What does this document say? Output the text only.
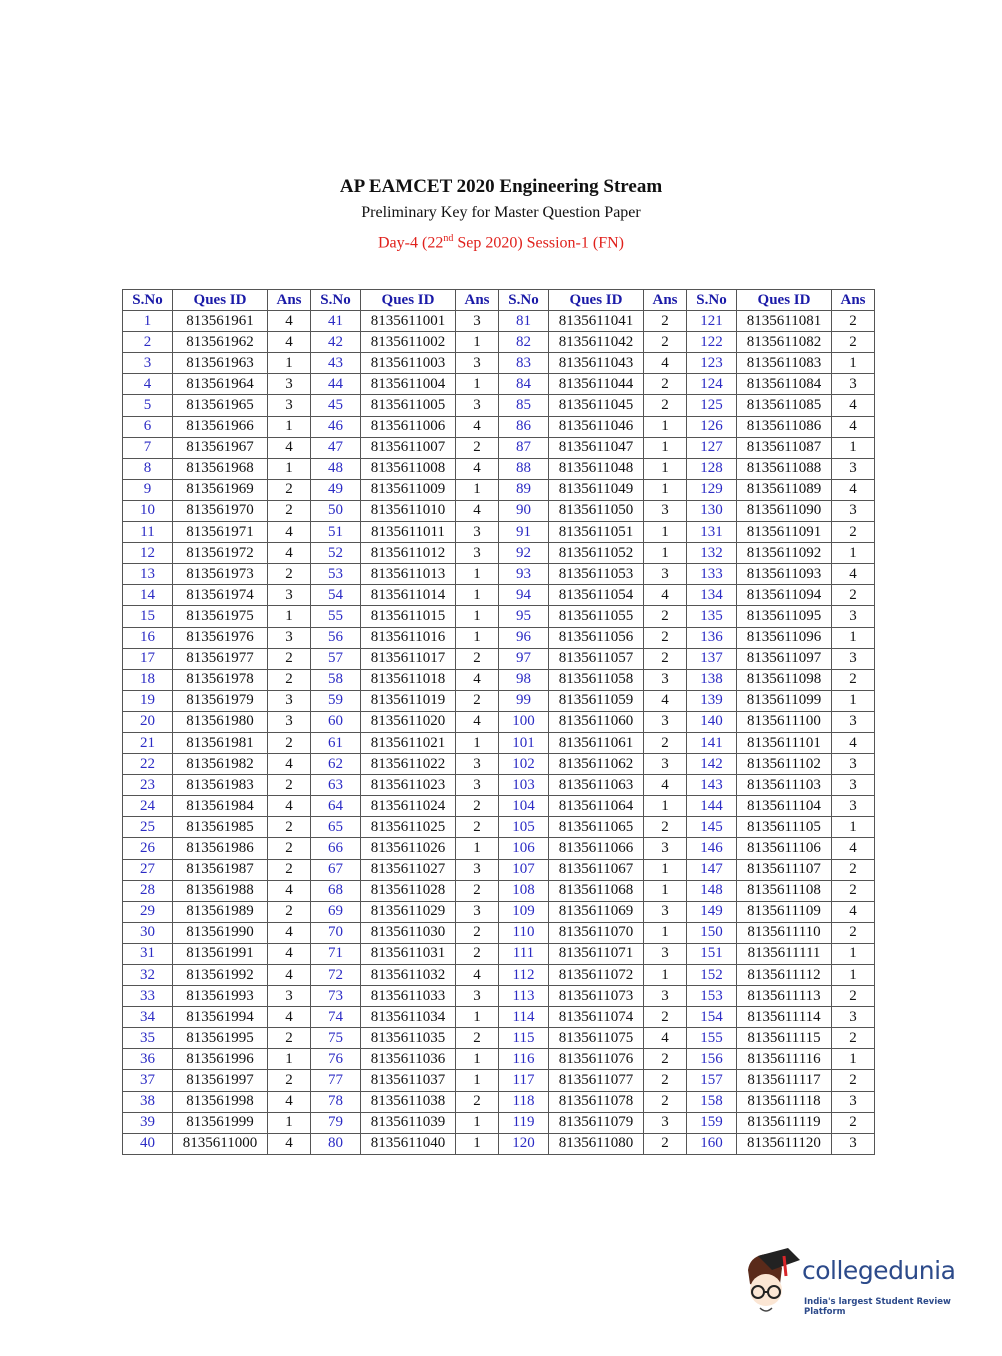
AP EAMCET 2020 Engineering Stream
Preliminary Key for Master Question Paper
Day-4 (22nd Sep 2020) Session-1 (FN)
S.No	Ques ID	Ans	S.No	Ques ID	Ans	S.No	Ques ID	Ans	S.No	Ques ID	Ans
1	813561961	4	41	8135611001	3	81	8135611041	2	121	8135611081	2
2	813561962	4	42	8135611002	1	82	8135611042	2	122	8135611082	2
3	813561963	1	43	8135611003	3	83	8135611043	4	123	8135611083	1
4	813561964	3	44	8135611004	1	84	8135611044	2	124	8135611084	3
5	813561965	3	45	8135611005	3	85	8135611045	2	125	8135611085	4
6	813561966	1	46	8135611006	4	86	8135611046	1	126	8135611086	4
7	813561967	4	47	8135611007	2	87	8135611047	1	127	8135611087	1
8	813561968	1	48	8135611008	4	88	8135611048	1	128	8135611088	3
9	813561969	2	49	8135611009	1	89	8135611049	1	129	8135611089	4
10	813561970	2	50	8135611010	4	90	8135611050	3	130	8135611090	3
11	813561971	4	51	8135611011	3	91	8135611051	1	131	8135611091	2
12	813561972	4	52	8135611012	3	92	8135611052	1	132	8135611092	1
13	813561973	2	53	8135611013	1	93	8135611053	3	133	8135611093	4
14	813561974	3	54	8135611014	1	94	8135611054	4	134	8135611094	2
15	813561975	1	55	8135611015	1	95	8135611055	2	135	8135611095	3
16	813561976	3	56	8135611016	1	96	8135611056	2	136	8135611096	1
17	813561977	2	57	8135611017	2	97	8135611057	2	137	8135611097	3
18	813561978	2	58	8135611018	4	98	8135611058	3	138	8135611098	2
19	813561979	3	59	8135611019	2	99	8135611059	4	139	8135611099	1
20	813561980	3	60	8135611020	4	100	8135611060	3	140	8135611100	3
21	813561981	2	61	8135611021	1	101	8135611061	2	141	8135611101	4
22	813561982	4	62	8135611022	3	102	8135611062	3	142	8135611102	3
23	813561983	2	63	8135611023	3	103	8135611063	4	143	8135611103	3
24	813561984	4	64	8135611024	2	104	8135611064	1	144	8135611104	3
25	813561985	2	65	8135611025	2	105	8135611065	2	145	8135611105	1
26	813561986	2	66	8135611026	1	106	8135611066	3	146	8135611106	4
27	813561987	2	67	8135611027	3	107	8135611067	1	147	8135611107	2
28	813561988	4	68	8135611028	2	108	8135611068	1	148	8135611108	2
29	813561989	2	69	8135611029	3	109	8135611069	3	149	8135611109	4
30	813561990	4	70	8135611030	2	110	8135611070	1	150	8135611110	2
31	813561991	4	71	8135611031	2	111	8135611071	3	151	8135611111	1
32	813561992	4	72	8135611032	4	112	8135611072	1	152	8135611112	1
33	813561993	3	73	8135611033	3	113	8135611073	3	153	8135611113	2
34	813561994	4	74	8135611034	1	114	8135611074	2	154	8135611114	3
35	813561995	2	75	8135611035	2	115	8135611075	4	155	8135611115	2
36	813561996	1	76	8135611036	1	116	8135611076	2	156	8135611116	1
37	813561997	2	77	8135611037	1	117	8135611077	2	157	8135611117	2
38	813561998	4	78	8135611038	2	118	8135611078	2	158	8135611118	3
39	813561999	1	79	8135611039	1	119	8135611079	3	159	8135611119	2
40	8135611000	4	80	8135611040	1	120	8135611080	2	160	8135611120	3
collegedunia
India's largest Student Review Platform
